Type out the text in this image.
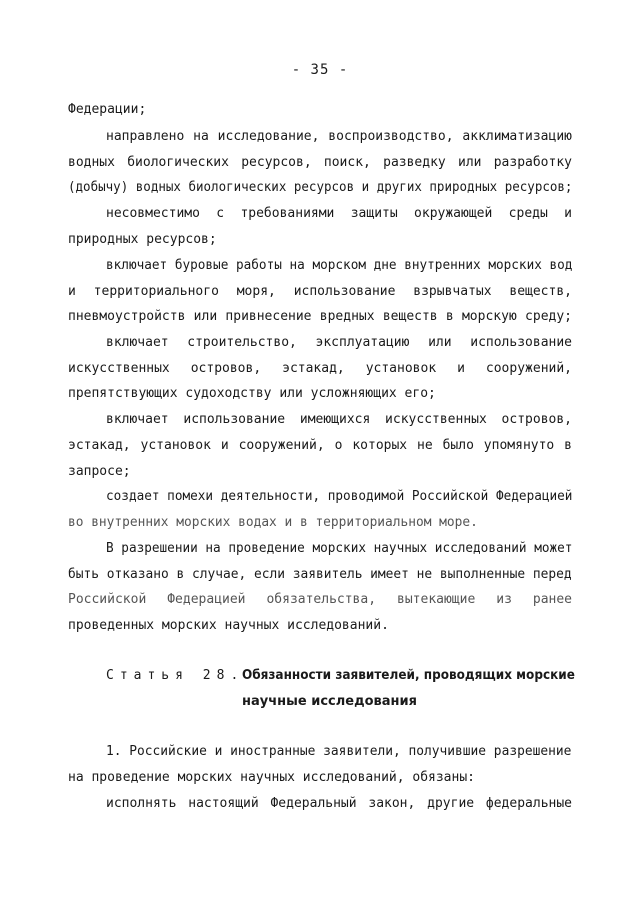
- 35 -
Федерации;
направлено на исследование, воспроизводство, акклиматизацию
водных биологических ресурсов, поиск, разведку или разработку
(добычу) водных биологических ресурсов и других природных ресурсов;
несовместимо с требованиями защиты окружающей среды и
природных ресурсов;
включает буровые работы на морском дне внутренних морских вод
и территориального моря, использование взрывчатых веществ,
пневмоустройств или привнесение вредных веществ в морскую среду;
включает строительство, эксплуатацию или использование
искусственных островов, эстакад, установок и сооружений,
препятствующих судоходству или усложняющих его;
включает использование имеющихся искусственных островов,
эстакад, установок и сооружений, о которых не было упомянуто в
запросе;
создает помехи деятельности, проводимой Российской Федерацией
во внутренних морских водах и в территориальном море.
В разрешении на проведение морских научных исследований может
быть отказано в случае, если заявитель имеет не выполненные перед
Российской Федерацией обязательства, вытекающие из ранее
проведенных морских научных исследований.
Статья 28.
Обязанности заявителей, проводящих морские
научные исследования
1. Российские и иностранные заявители, получившие разрешение
на проведение морских научных исследований, обязаны:
исполнять настоящий Федеральный закон, другие федеральные
